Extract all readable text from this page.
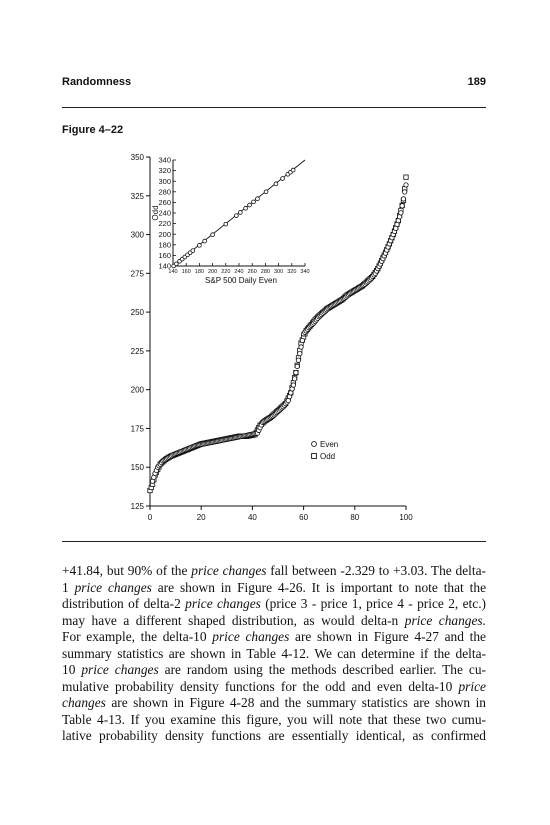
Randomness	189
Figure 4–22
125
150
175
200
225
250
275
300
325
350
0	20	40	60	80	100
Even
Odd
140
160
180
200
220
240
260
280
300
320
340
140 160 180 200 220 240 260 280 300 320 340
S&P 500 Daily Even
Odd
+41.84, but 90% of the price changes fall between -2.329 to +3.03. The delta-
1 price changes are shown in Figure 4-26. It is important to note that the
distribution of delta-2 price changes (price 3 - price 1, price 4 - price 2, etc.)
may have a different shaped distribution, as would delta-n price changes.
For example, the delta-10 price changes are shown in Figure 4-27 and the
summary statistics are shown in Table 4-12. We can determine if the delta-
10 price changes are random using the methods described earlier. The cu-
mulative probability density functions for the odd and even delta-10 price
changes are shown in Figure 4-28 and the summary statistics are shown in
Table 4-13. If you examine this figure, you will note that these two cumu-
lative probability density functions are essentially identical, as confirmed
